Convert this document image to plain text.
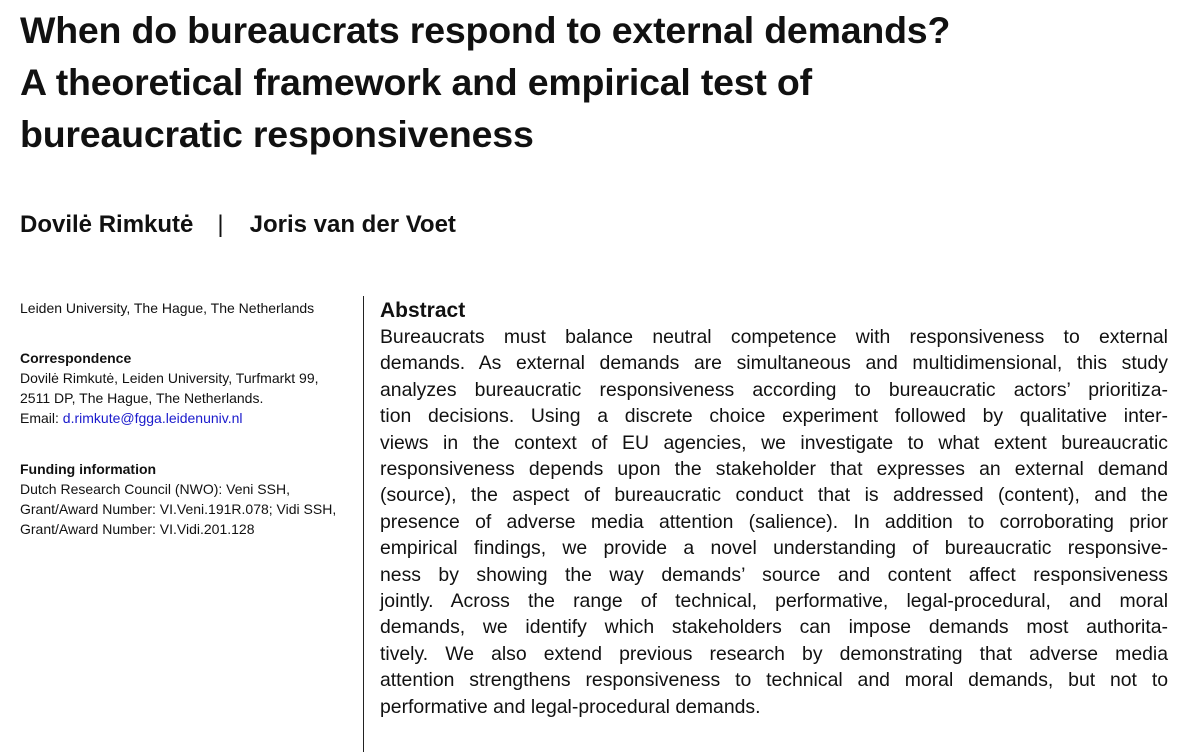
When do bureaucrats respond to external demands?
A theoretical framework and empirical test of
bureaucratic responsiveness
Dovilė Rimkutė | Joris van der Voet
Leiden University, The Hague, The Netherlands
Correspondence
Dovilė Rimkutė, Leiden University, Turfmarkt 99,
2511 DP, The Hague, The Netherlands.
Email: d.rimkute@fgga.leidenuniv.nl
Funding information
Dutch Research Council (NWO): Veni SSH,
Grant/Award Number: VI.Veni.191R.078; Vidi SSH,
Grant/Award Number: VI.Vidi.201.128
Abstract
Bureaucrats must balance neutral competence with responsiveness to external
demands. As external demands are simultaneous and multidimensional, this study
analyzes bureaucratic responsiveness according to bureaucratic actors’ prioritiza-
tion decisions. Using a discrete choice experiment followed by qualitative inter-
views in the context of EU agencies, we investigate to what extent bureaucratic
responsiveness depends upon the stakeholder that expresses an external demand
(source), the aspect of bureaucratic conduct that is addressed (content), and the
presence of adverse media attention (salience). In addition to corroborating prior
empirical findings, we provide a novel understanding of bureaucratic responsive-
ness by showing the way demands’ source and content affect responsiveness
jointly. Across the range of technical, performative, legal-procedural, and moral
demands, we identify which stakeholders can impose demands most authorita-
tively. We also extend previous research by demonstrating that adverse media
attention strengthens responsiveness to technical and moral demands, but not to
performative and legal-procedural demands.
